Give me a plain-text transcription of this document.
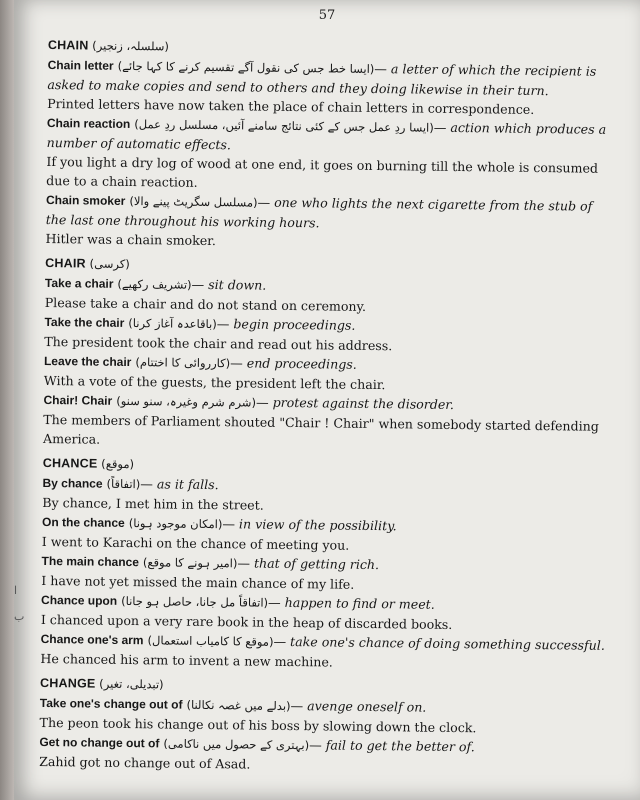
57
ا
ب
CHAIN (سلسلہ، زنجیر)
Chain letter (ایسا خط جس کی نقول آگے تقسیم کرنے کا کہا جائے)— a letter of which the recipient is asked to make copies and send to others and they doing likewise in their turn.
Printed letters have now taken the place of chain letters in correspondence.
Chain reaction (ایسا ردِ عمل جس کے کئی نتائج سامنے آئیں، مسلسل ردِ عمل)— action which produces a number of automatic effects.
If you light a dry log of wood at one end, it goes on burning till the whole is consumed due to a chain reaction.
Chain smoker (مسلسل سگریٹ پینے والا)— one who lights the next cigarette from the stub of the last one throughout his working hours.
Hitler was a chain smoker.
CHAIR (کرسی)
Take a chair (تشریف رکھیے)— sit down.
Please take a chair and do not stand on ceremony.
Take the chair (باقاعدہ آغاز کرنا)— begin proceedings.
The president took the chair and read out his address.
Leave the chair (کارروائی کا اختتام)— end proceedings.
With a vote of the guests, the president left the chair.
Chair! Chair (شرم شرم وغیرہ، سنو سنو)— protest against the disorder.
The members of Parliament shouted "Chair ! Chair" when somebody started defending America.
CHANCE (موقع)
By chance (اتفاقاً)— as it falls.
By chance, I met him in the street.
On the chance (امکان موجود ہونا)— in view of the possibility.
I went to Karachi on the chance of meeting you.
The main chance (امیر ہونے کا موقع)— that of getting rich.
I have not yet missed the main chance of my life.
Chance upon (اتفاقاً مل جانا، حاصل ہو جانا)— happen to find or meet.
I chanced upon a very rare book in the heap of discarded books.
Chance one's arm (موقع کا کامیاب استعمال)— take one's chance of doing something successful.
He chanced his arm to invent a new machine.
CHANGE (تبدیلی، تغیر)
Take one's change out of (بدلے میں غصہ نکالنا)— avenge oneself on.
The peon took his change out of his boss by slowing down the clock.
Get no change out of (بہتری کے حصول میں ناکامی)— fail to get the better of.
Zahid got no change out of Asad.
